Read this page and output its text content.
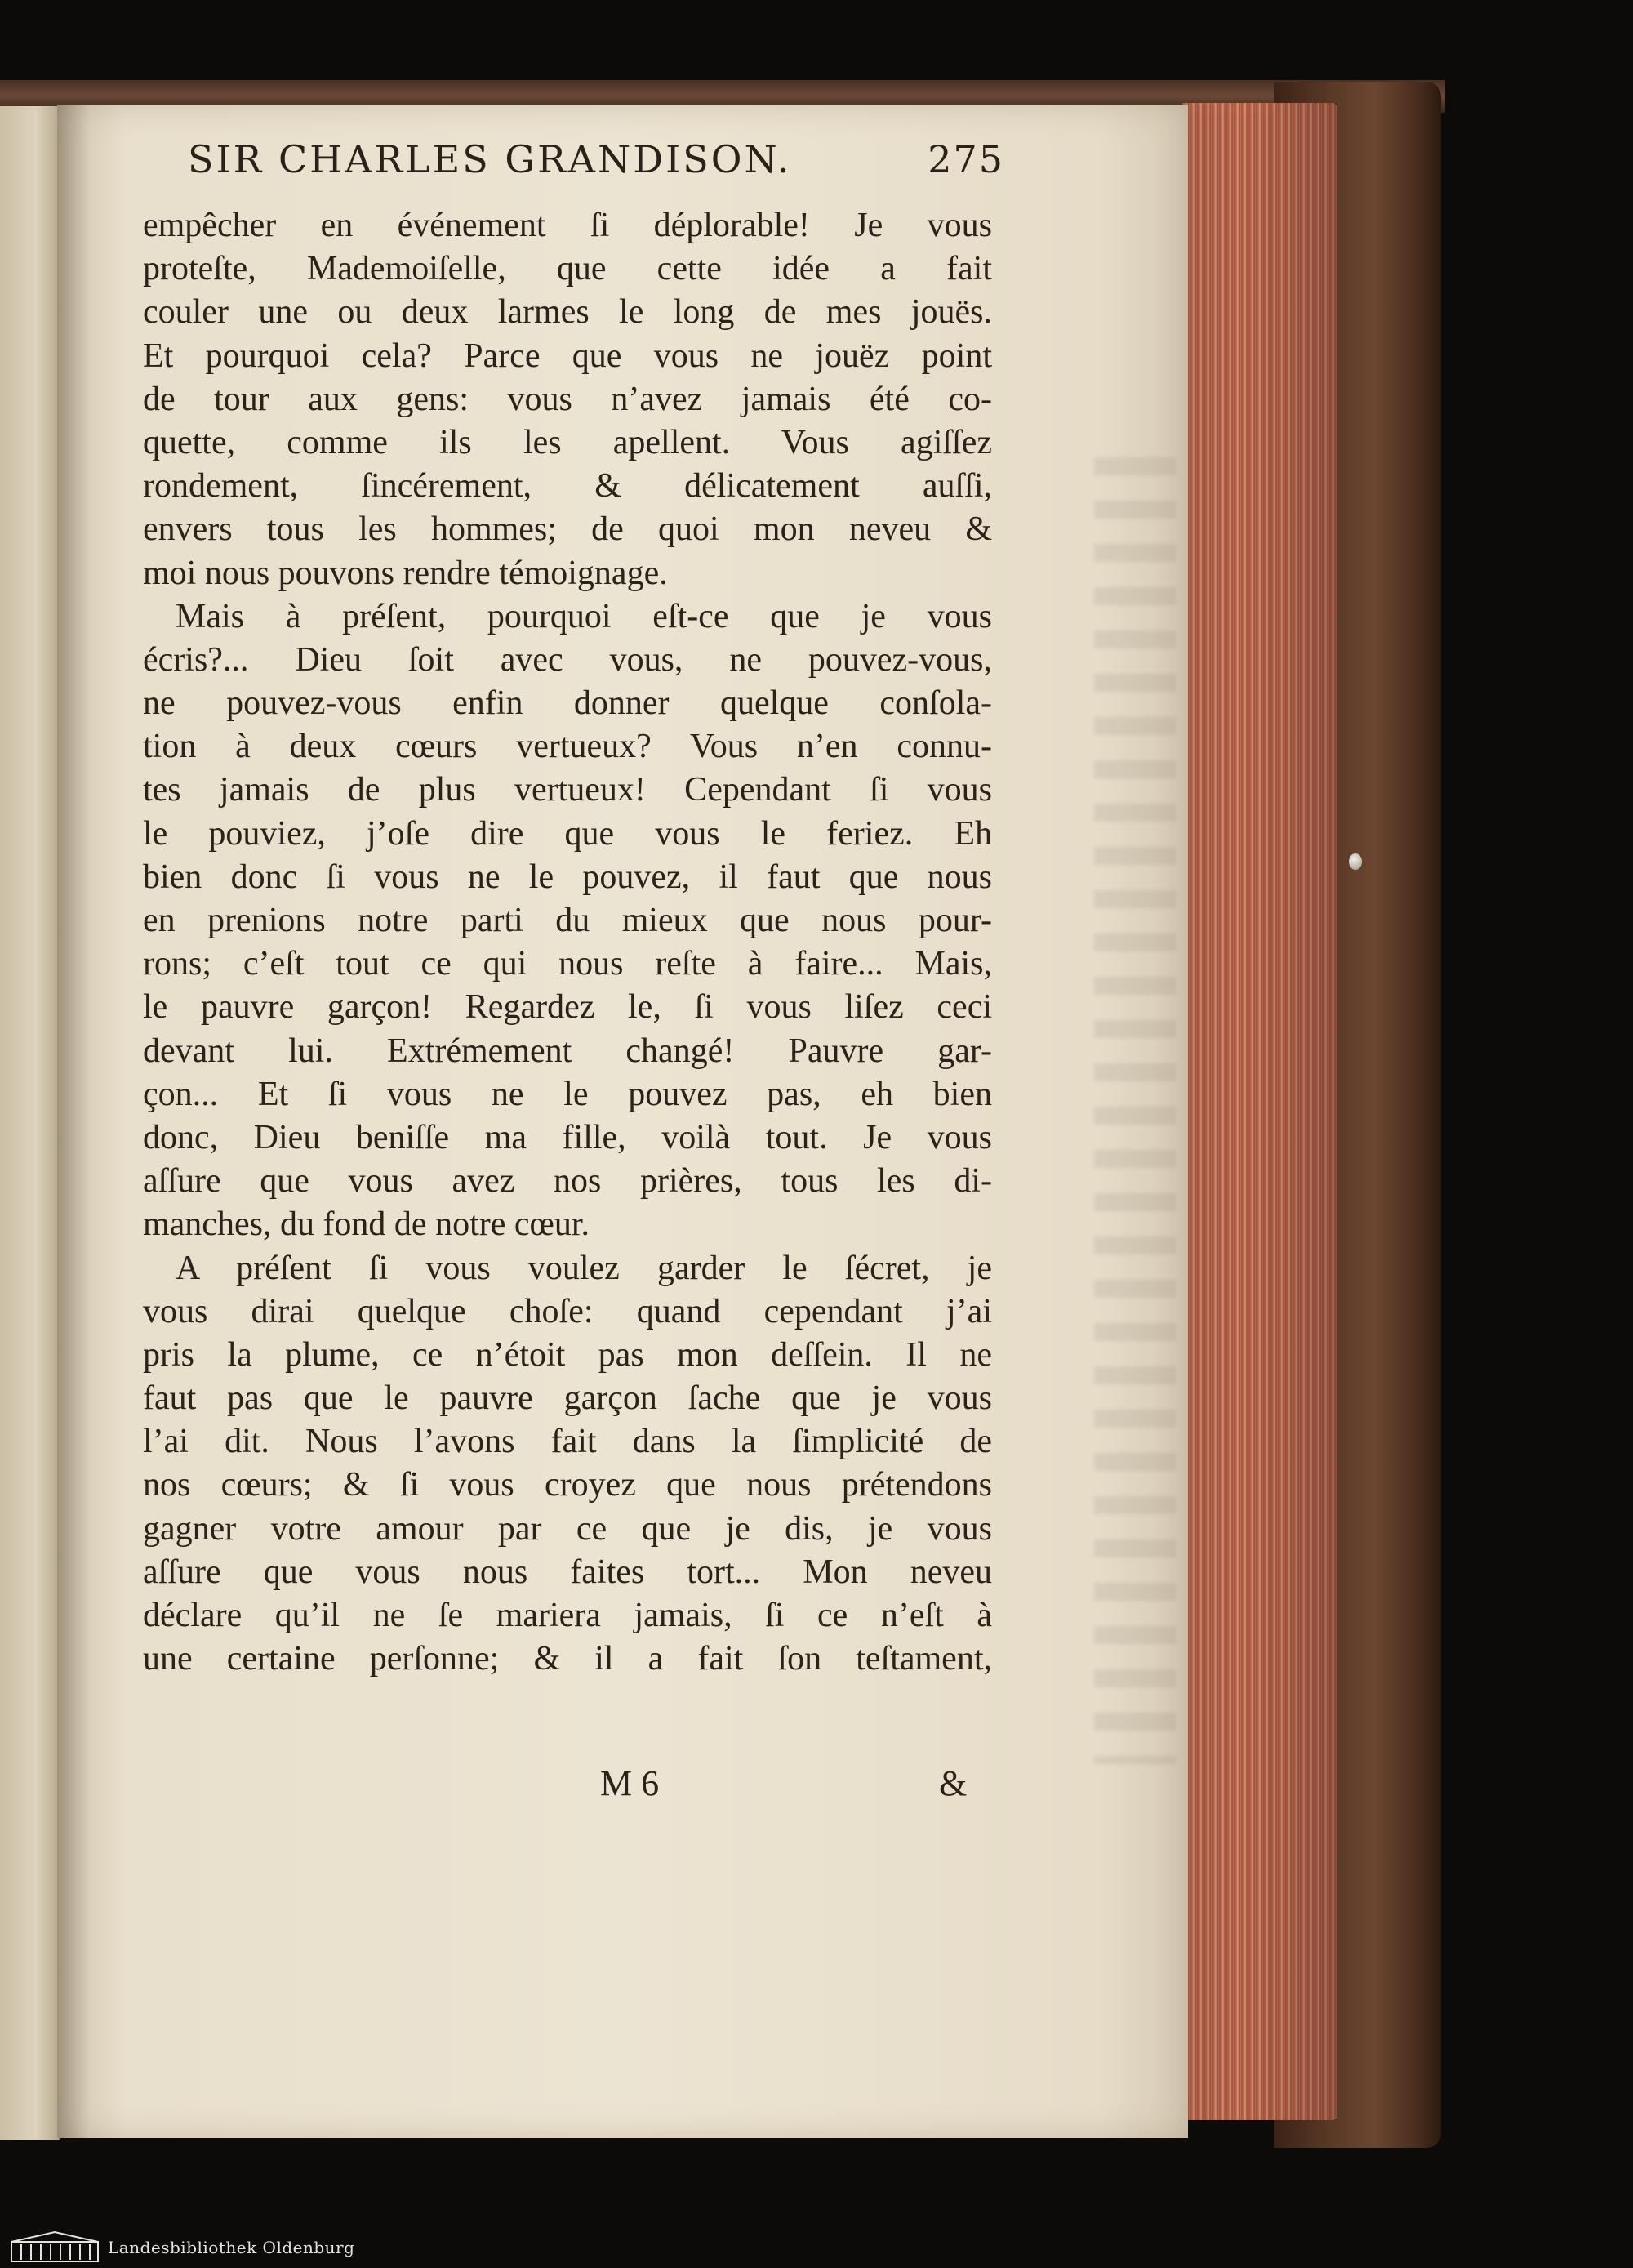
SIR CHARLES GRANDISON.	275
empêcher en événement ſi déplorable! Je vous
proteſte, Mademoiſelle, que cette idée a fait
couler une ou deux larmes le long de mes jouës.
Et pourquoi cela? Parce que vous ne jouëz point
de tour aux gens: vous n’avez jamais été co-
quette, comme ils les apellent. Vous agiſſez
rondement, ſincérement, & délicatement auſſi,
envers tous les hommes; de quoi mon neveu &
moi nous pouvons rendre témoignage.
Mais à préſent, pourquoi eſt-ce que je vous
écris?... Dieu ſoit avec vous, ne pouvez-vous,
ne pouvez-vous enfin donner quelque conſola-
tion à deux cœurs vertueux? Vous n’en connu-
tes jamais de plus vertueux! Cependant ſi vous
le pouviez, j’oſe dire que vous le feriez. Eh
bien donc ſi vous ne le pouvez, il faut que nous
en prenions notre parti du mieux que nous pour-
rons; c’eſt tout ce qui nous reſte à faire... Mais,
le pauvre garçon! Regardez le, ſi vous liſez ceci
devant lui. Extrémement changé! Pauvre gar-
çon... Et ſi vous ne le pouvez pas, eh bien
donc, Dieu beniſſe ma fille, voilà tout. Je vous
aſſure que vous avez nos prières, tous les di-
manches, du fond de notre cœur.
A préſent ſi vous voulez garder le ſécret, je
vous dirai quelque choſe: quand cependant j’ai
pris la plume, ce n’étoit pas mon deſſein. Il ne
faut pas que le pauvre garçon ſache que je vous
l’ai dit. Nous l’avons fait dans la ſimplicité de
nos cœurs; & ſi vous croyez que nous prétendons
gagner votre amour par ce que je dis, je vous
aſſure que vous nous faites tort... Mon neveu
déclare qu’il ne ſe mariera jamais, ſi ce n’eſt à
une certaine perſonne; & il a fait ſon teſtament,
M 6	&
Landesbibliothek Oldenburg
